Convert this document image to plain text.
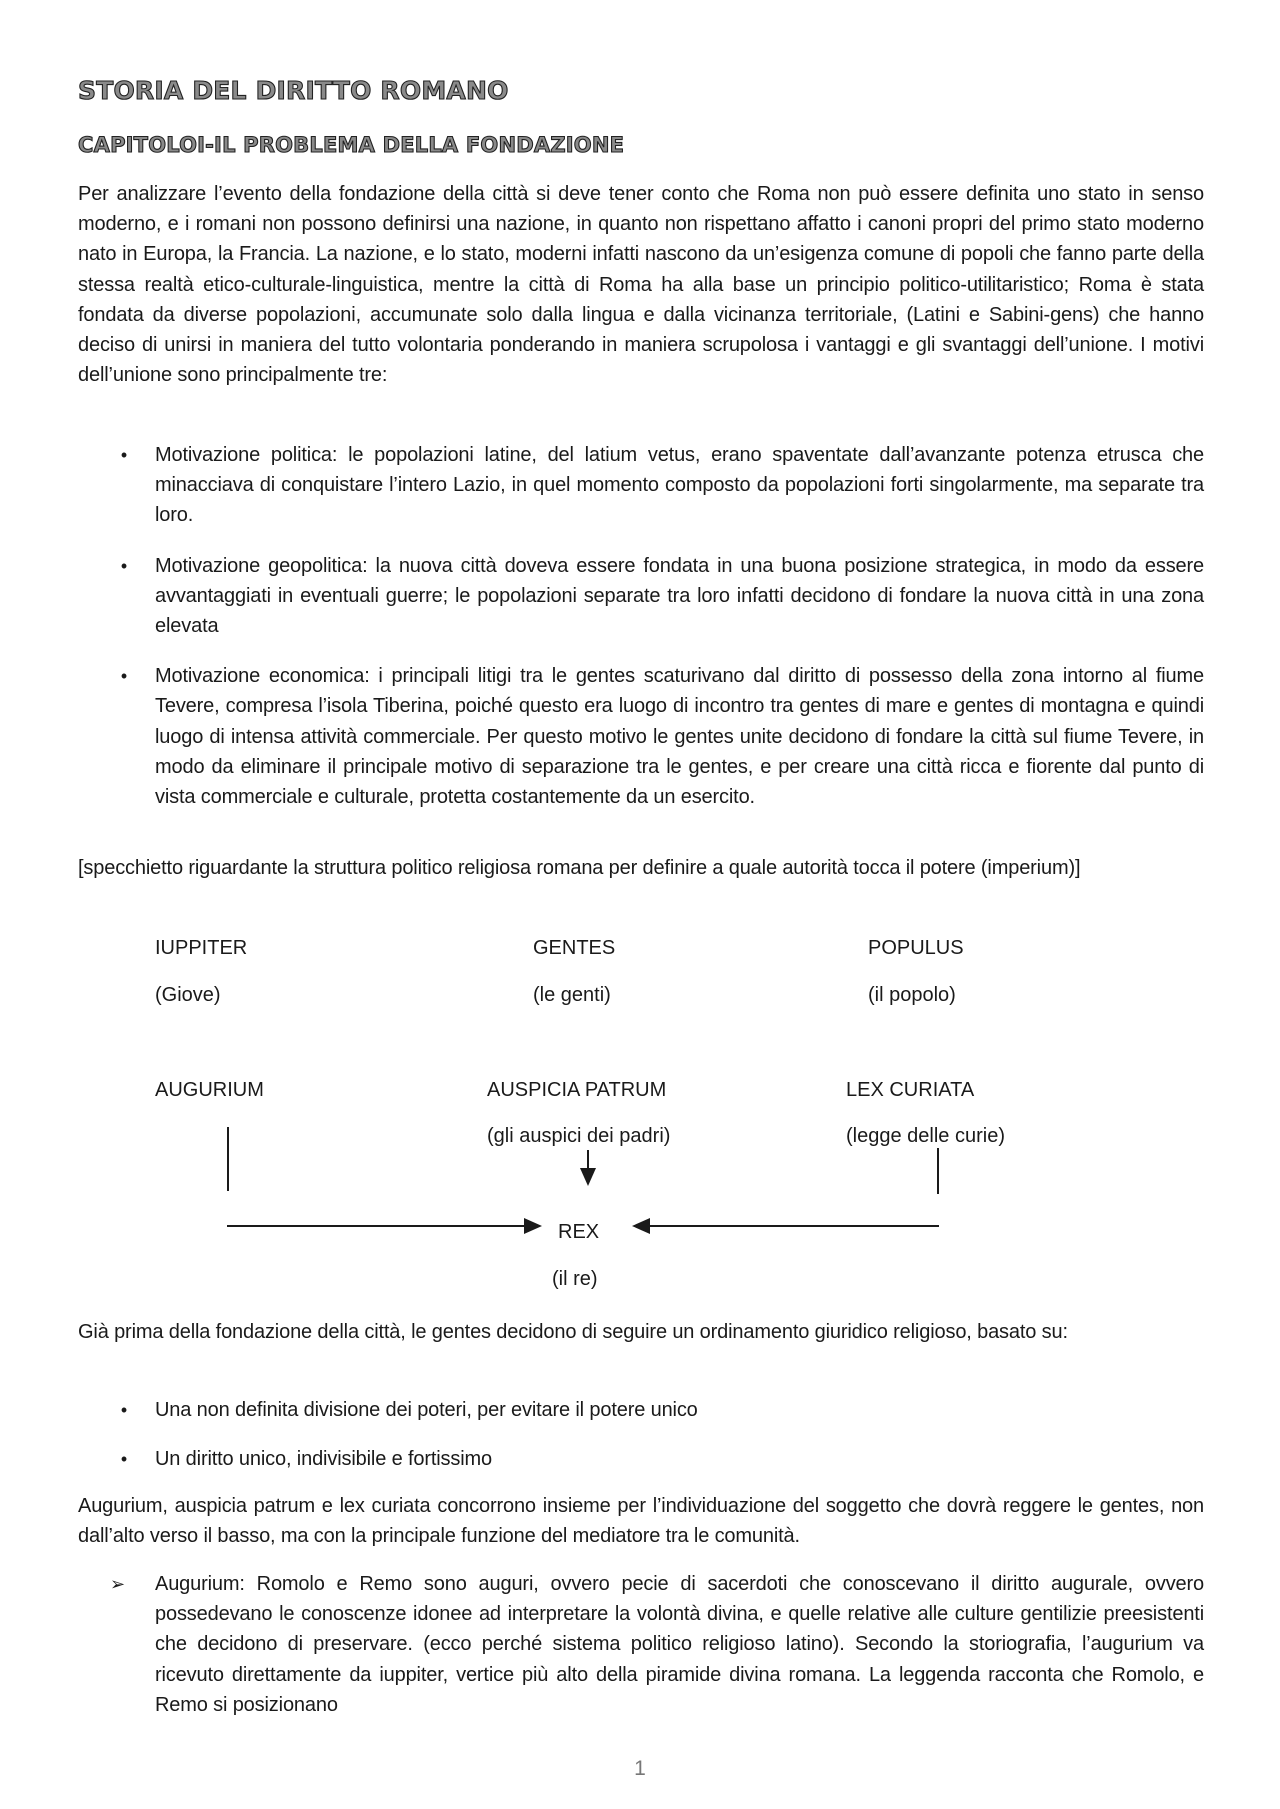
STORIA DEL DIRITTO ROMANO
CAPITOLOI-IL PROBLEMA DELLA FONDAZIONE

Per analizzare l’evento della fondazione della città si deve tener conto che Roma non può essere definita uno stato in senso moderno, e i romani non possono definirsi una nazione, in quanto non rispettano affatto i canoni propri del primo stato moderno nato in Europa, la Francia. La nazione, e lo stato, moderni infatti nascono da un’esigenza comune di popoli che fanno parte della stessa realtà etico-culturale-linguistica, mentre la città di Roma ha alla base un principio politico-utilitaristico; Roma è stata fondata da diverse popolazioni, accumunate solo dalla lingua e dalla vicinanza territoriale, (Latini e Sabini-gens) che hanno deciso di unirsi in maniera del tutto volontaria ponderando in maniera scrupolosa i vantaggi e gli svantaggi dell’unione. I motivi dell’unione sono principalmente tre:

•	Motivazione politica: le popolazioni latine, del latium vetus, erano spaventate dall’avanzante potenza etrusca che minacciava di conquistare l’intero Lazio, in quel momento composto da popolazioni forti singolarmente, ma separate tra loro.
•	Motivazione geopolitica: la nuova città doveva essere fondata in una buona posizione strategica, in modo da essere avvantaggiati in eventuali guerre; le popolazioni separate tra loro infatti decidono di fondare la nuova città in una zona elevata
•	Motivazione economica: i principali litigi tra le gentes scaturivano dal diritto di possesso della zona intorno al fiume Tevere, compresa l’isola Tiberina, poiché questo era luogo di incontro tra gentes di mare e gentes di montagna e quindi luogo di intensa attività commerciale. Per questo motivo le gentes unite decidono di fondare la città sul fiume Tevere, in modo da eliminare il principale motivo di separazione tra le gentes, e per creare una città ricca e fiorente dal punto di vista commerciale e culturale, protetta costantemente da un esercito.

[specchietto riguardante la struttura politico religiosa romana per definire a quale autorità tocca il potere (imperium)]

IUPPITER
(Giove)
GENTES
(le genti)
POPULUS
(il popolo)
AUGURIUM	AUSPICIA PATRUM
(gli auspici dei padri)
LEX CURIATA
(legge delle curie)
REX
(il re)

Già prima della fondazione della città, le gentes decidono di seguire un ordinamento giuridico religioso, basato su:

•	Una non definita divisione dei poteri, per evitare il potere unico
•	Un diritto unico, indivisibile e fortissimo

Augurium, auspicia patrum e lex curiata concorrono insieme per l’individuazione del soggetto che dovrà reggere le gentes, non dall’alto verso il basso, ma con la principale funzione del mediatore tra le comunità.

➢ Augurium: Romolo e Remo sono auguri, ovvero pecie di sacerdoti che conoscevano il diritto augurale, ovvero possedevano le conoscenze idonee ad interpretare la volontà divina, e quelle relative alle culture gentilizie preesistenti che decidono di preservare. (ecco perché sistema politico religioso latino). Secondo la storiografia, l’augurium va ricevuto direttamente da iuppiter, vertice più alto della piramide divina romana. La leggenda racconta che Romolo, e Remo si posizionano
1
